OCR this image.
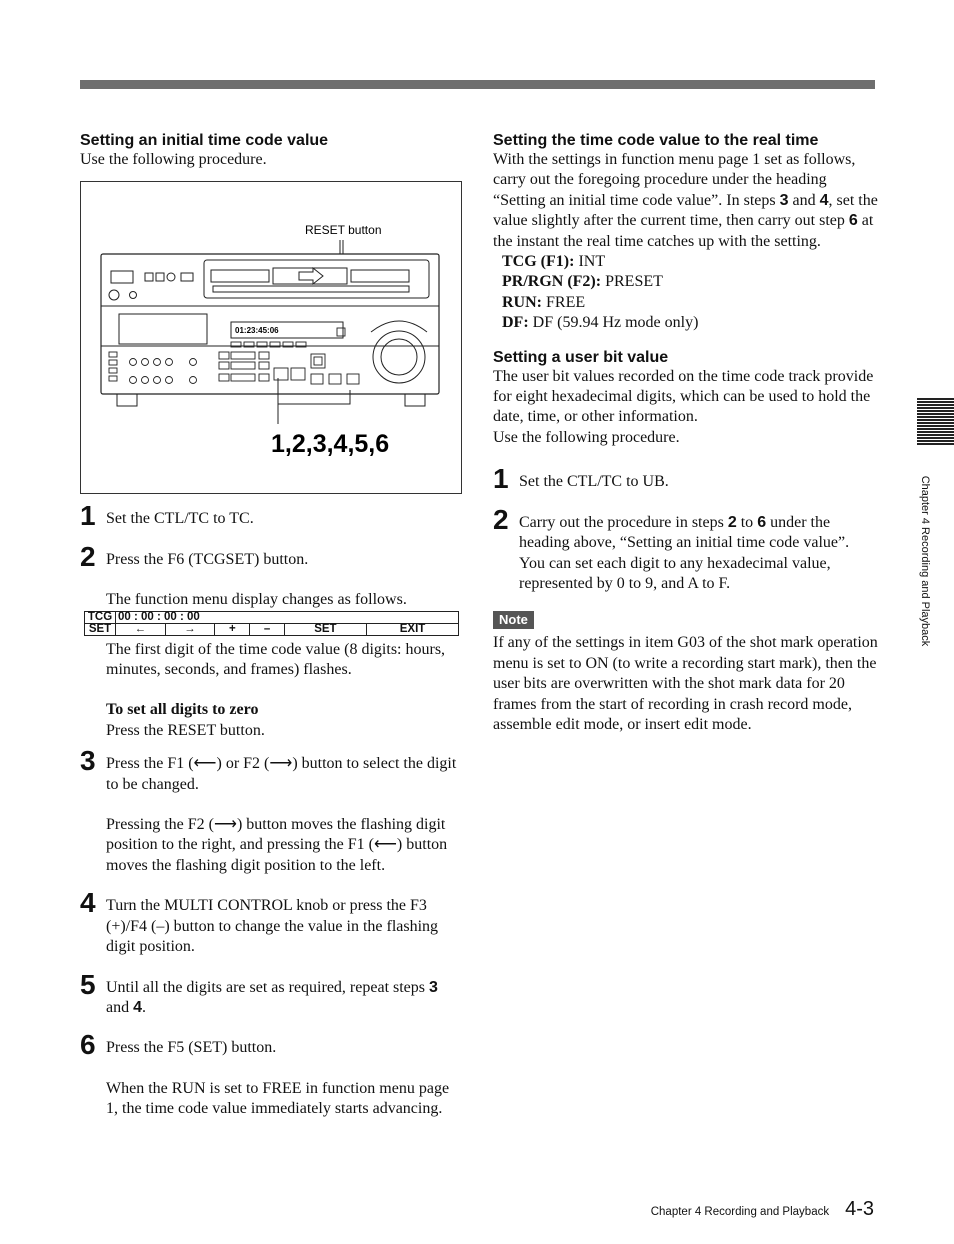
Setting an initial time code value

Use the following procedure.

RESET button
01:23:45:06
1,2,3,4,5,6
1 Set the CTL/TC to TC.

2 Press the F6 (TCGSET) button.

The function menu display changes as follows.

TCG	00 : 00 : 00 : 00					
SET	←	→	+	–	SET	EXIT

The first digit of the time code value (8 digits: hours, minutes, seconds, and frames) flashes.

To set all digits to zero

Press the RESET button.

3 Press the F1 (⟵) or F2 (⟶) button to select the digit to be changed.

Pressing the F2 (⟶) button moves the flashing digit position to the right, and pressing the F1 (⟵) button moves the flashing digit position to the left.

4 Turn the MULTI CONTROL knob or press the F3 (+)/F4 (–) button to change the value in the flashing digit position.

5 Until all the digits are set as required, repeat steps 3 and 4.

6 Press the F5 (SET) button.

When the RUN is set to FREE in function menu page 1, the time code value immediately starts advancing.

Setting the time code value to the real time

With the settings in function menu page 1 set as follows, carry out the foregoing procedure under the heading “Setting an initial time code value”. In steps 3 and 4, set the value slightly after the current time, then carry out step 6 at the instant the real time catches up with the setting.

TCG (F1): INT

PR/RGN (F2): PRESET

RUN: FREE

DF: DF (59.94 Hz mode only)

Setting a user bit value

The user bit values recorded on the time code track provide for eight hexadecimal digits, which can be used to hold the date, time, or other information.

Use the following procedure.

1 Set the CTL/TC to UB.

2 Carry out the procedure in steps 2 to 6 under the heading above, “Setting an initial time code value”.

You can set each digit to any hexadecimal value, represented by 0 to 9, and A to F.

Note

If any of the settings in item G03 of the shot mark operation menu is set to ON (to write a recording start mark), then the user bits are overwritten with the shot mark data for 20 frames from the start of recording in crash record mode, assemble edit mode, or insert edit mode.

Chapter 4 Recording and Playback
Chapter 4 Recording and Playback 4-3
